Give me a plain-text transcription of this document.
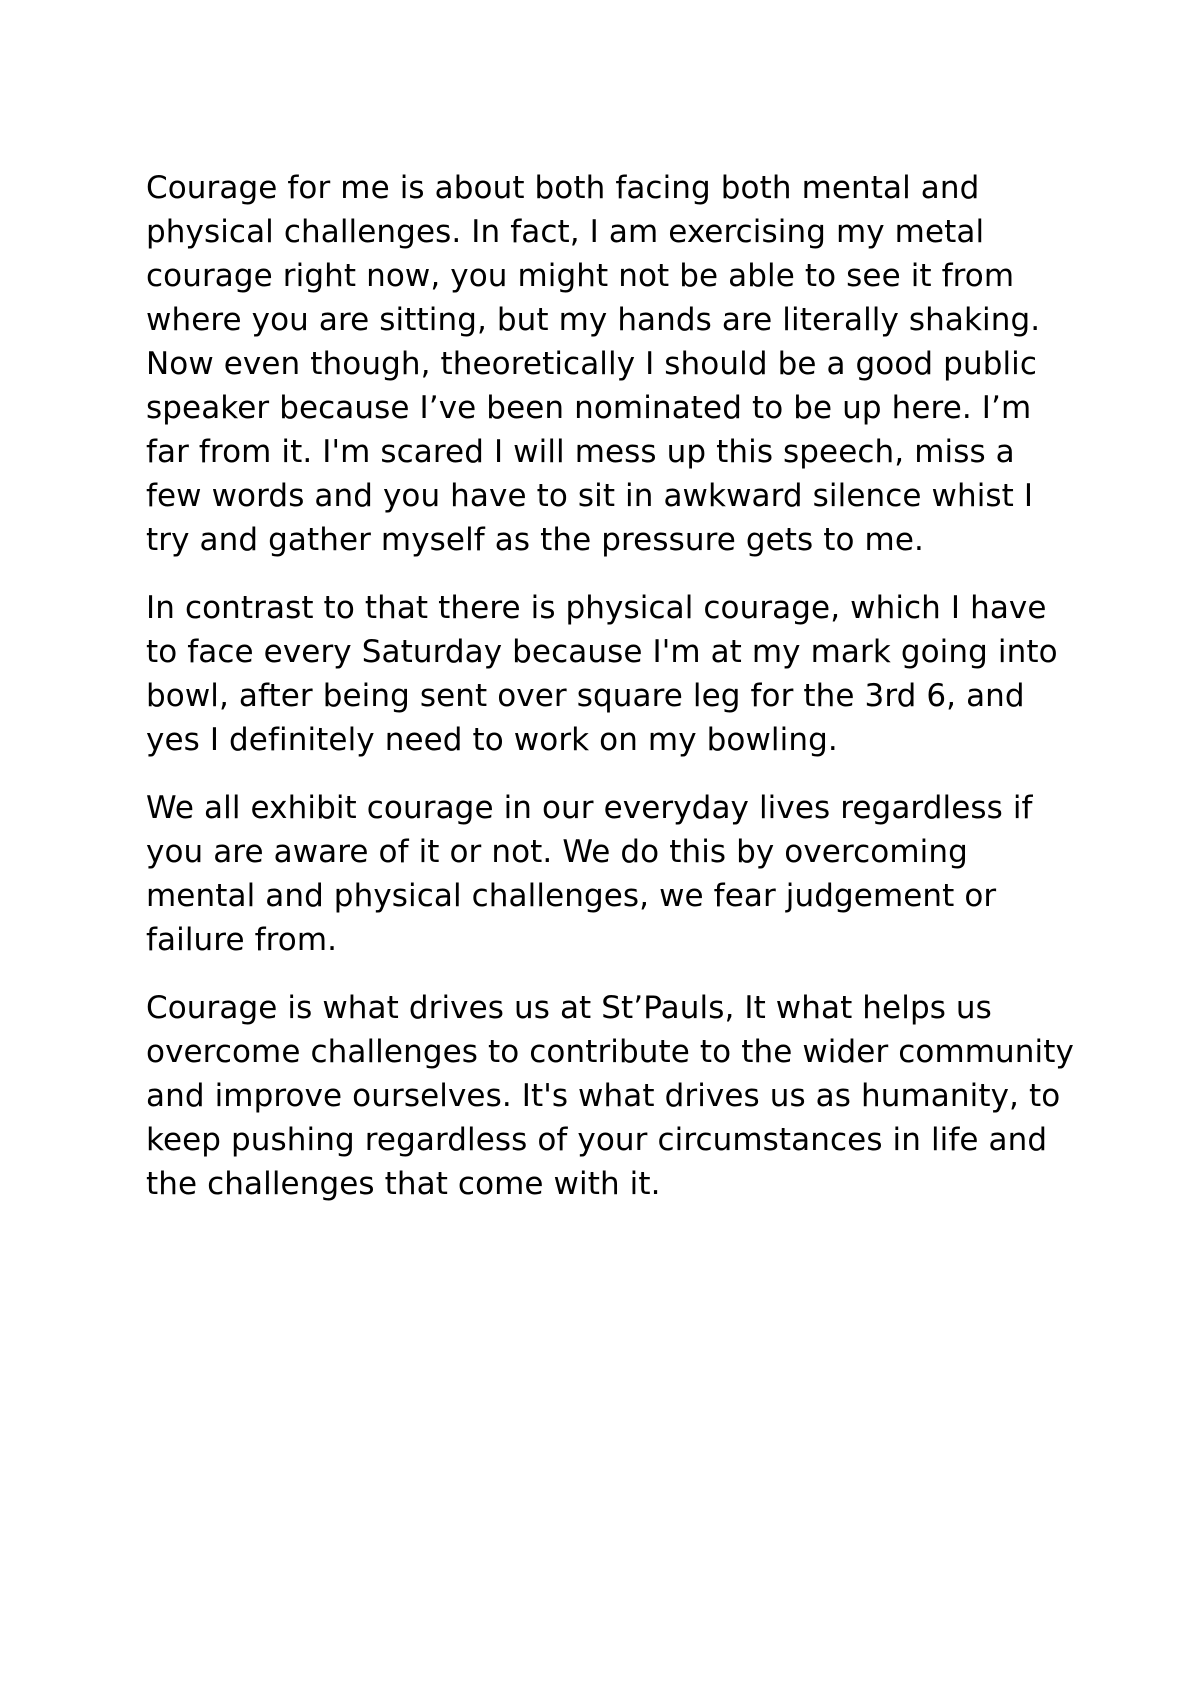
Courage for me is about both facing both mental and physical challenges. In fact, I am exercising my metal courage right now, you might not be able to see it from where you are sitting, but my hands are literally shaking. Now even though, theoretically I should be a good public speaker because I’ve been nominated to be up here. I’m far from it. I'm scared I will mess up this speech, miss a few words and you have to sit in awkward silence whist I try and gather myself as the pressure gets to me.

In contrast to that there is physical courage, which I have to face every Saturday because I'm at my mark going into bowl, after being sent over square leg for the 3rd 6, and yes I definitely need to work on my bowling.

We all exhibit courage in our everyday lives regardless if you are aware of it or not. We do this by overcoming mental and physical challenges, we fear judgement or failure from.

Courage is what drives us at St’Pauls, It what helps us overcome challenges to contribute to the wider community and improve ourselves. It's what drives us as humanity, to keep pushing regardless of your circumstances in life and the challenges that come with it.
